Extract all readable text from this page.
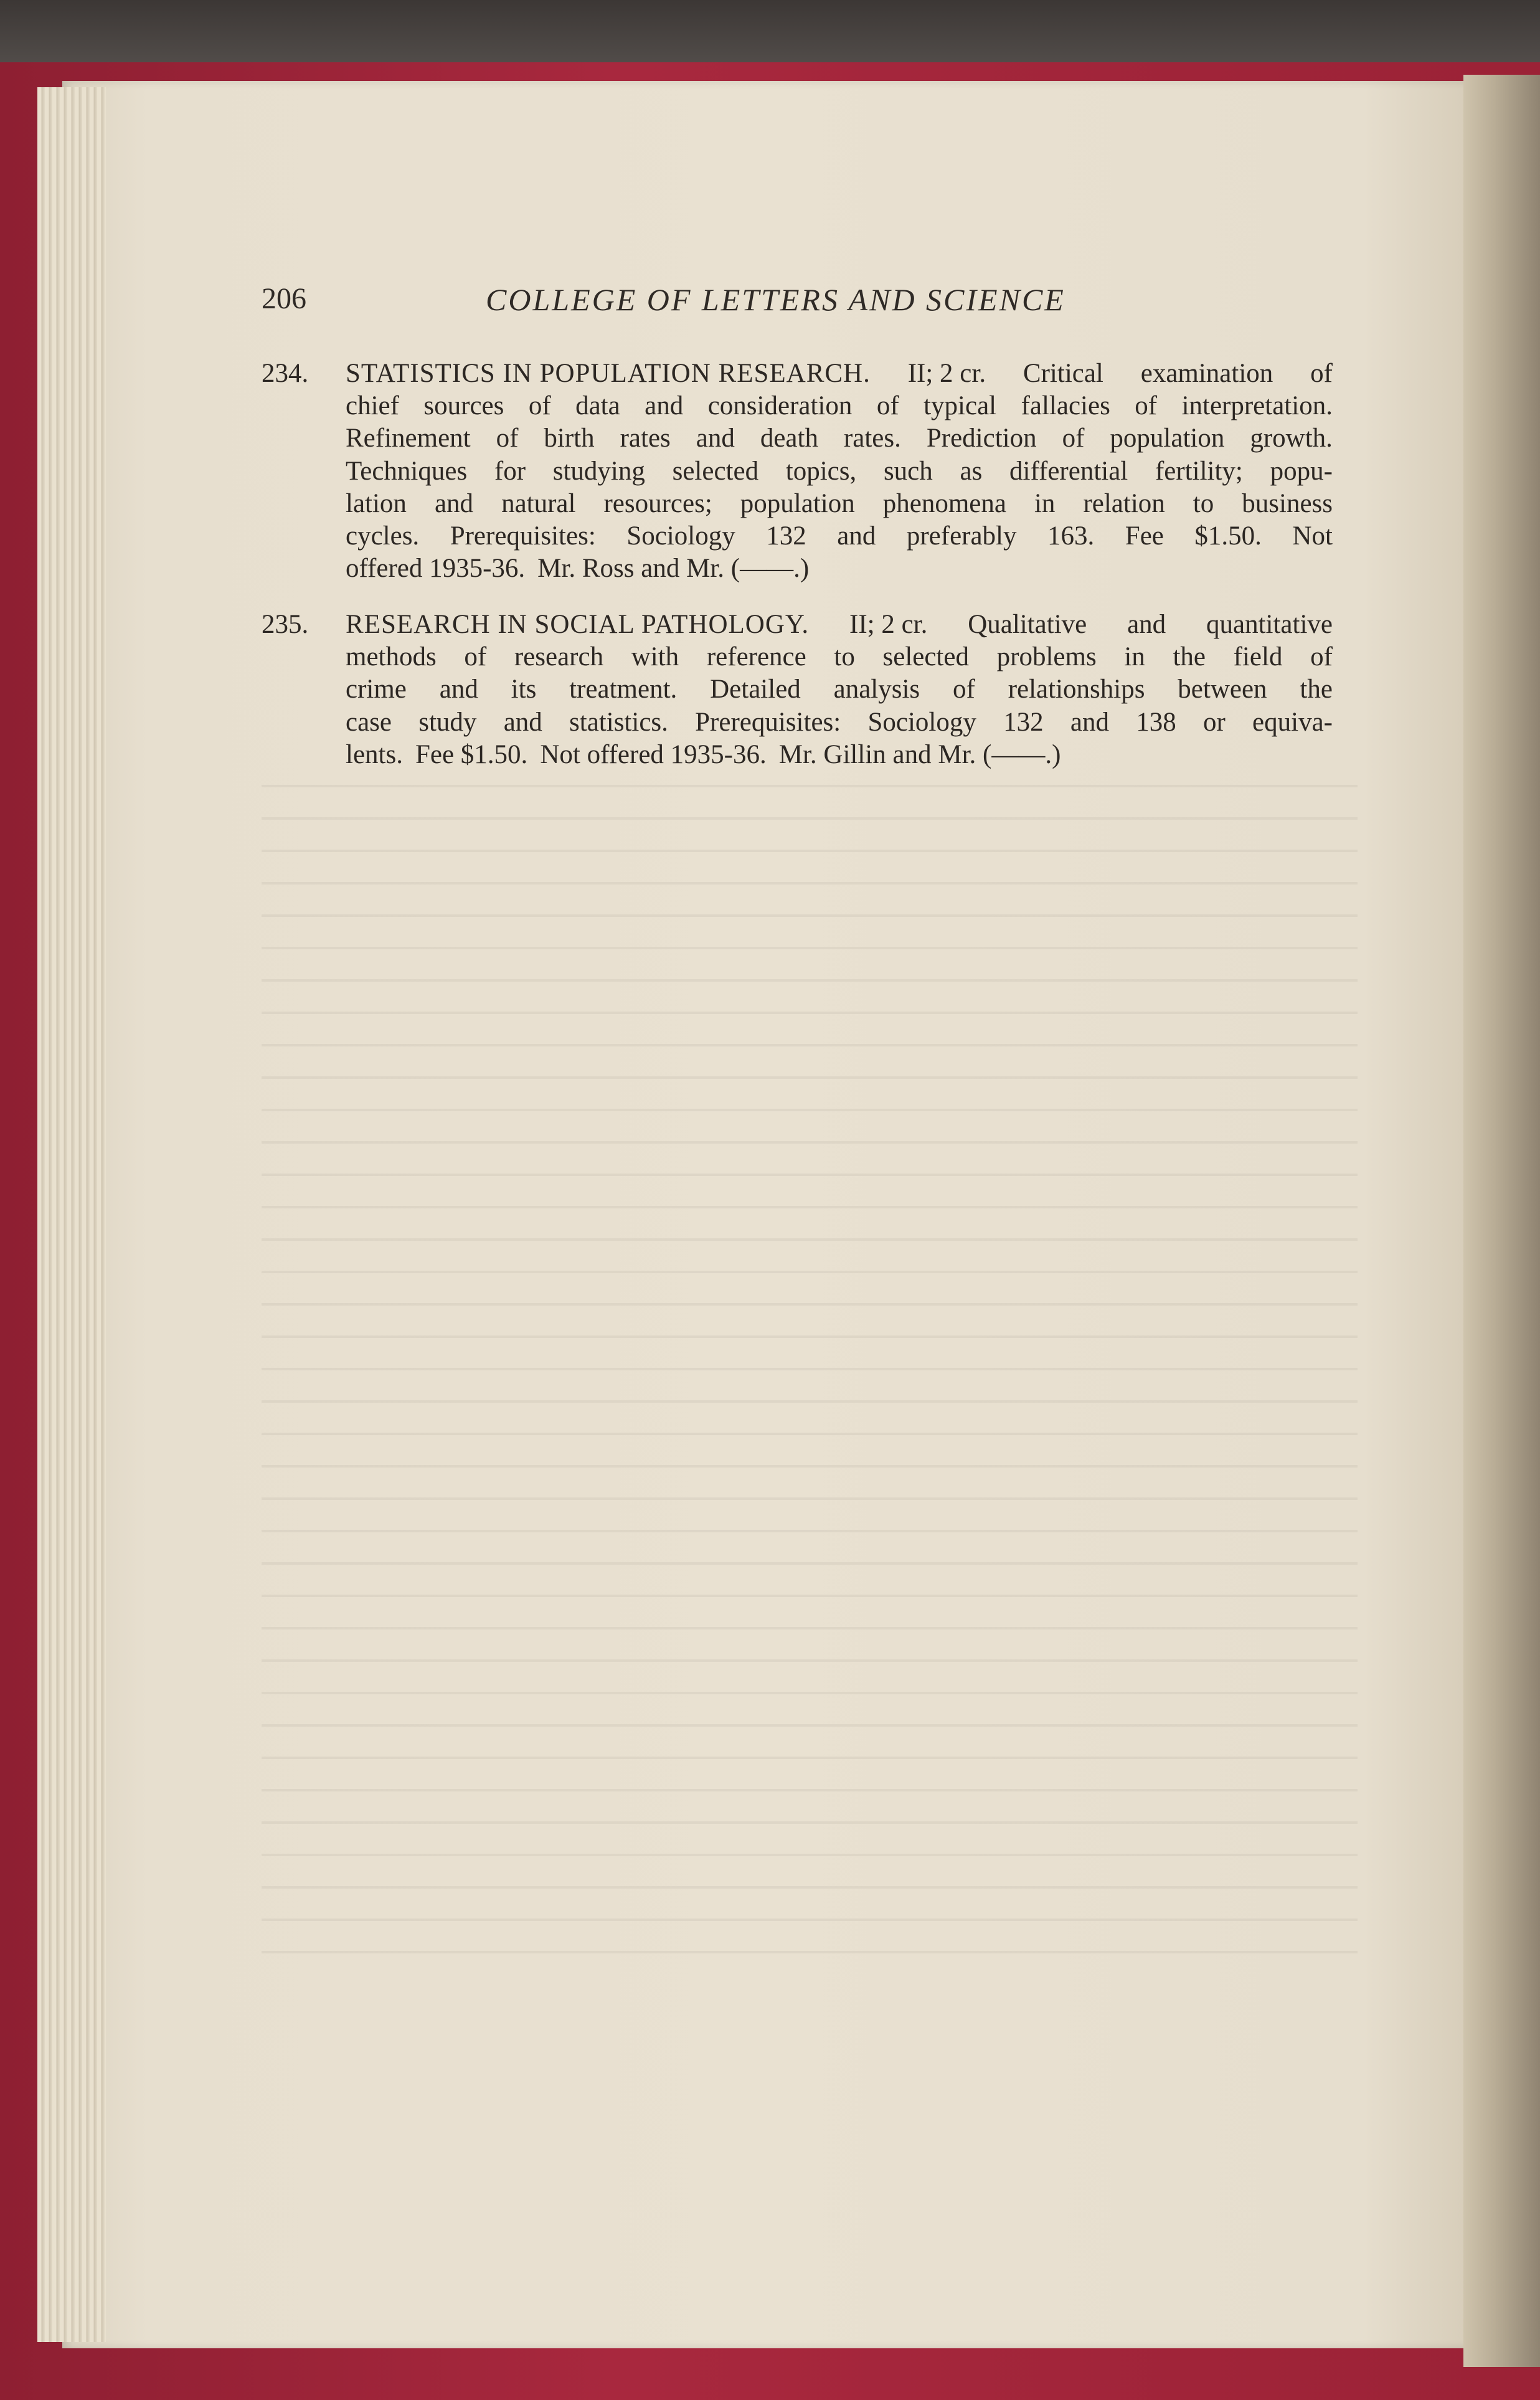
206	COLLEGE OF LETTERS AND SCIENCE
234. STATISTICS IN POPULATION RESEARCH. II; 2 cr. Critical examination of
chief sources of data and consideration of typical fallacies of interpretation.
Refinement of birth rates and death rates. Prediction of population growth.
Techniques for studying selected topics, such as differential fertility; popu-
lation and natural resources; population phenomena in relation to business
cycles. Prerequisites: Sociology 132 and preferably 163. Fee $1.50. Not
offered 1935-36. Mr. Ross and Mr. (——.)
235. RESEARCH IN SOCIAL PATHOLOGY. II; 2 cr. Qualitative and quantitative
methods of research with reference to selected problems in the field of
crime and its treatment. Detailed analysis of relationships between the
case study and statistics. Prerequisites: Sociology 132 and 138 or equiva-
lents. Fee $1.50. Not offered 1935-36. Mr. Gillin and Mr. (——.)
